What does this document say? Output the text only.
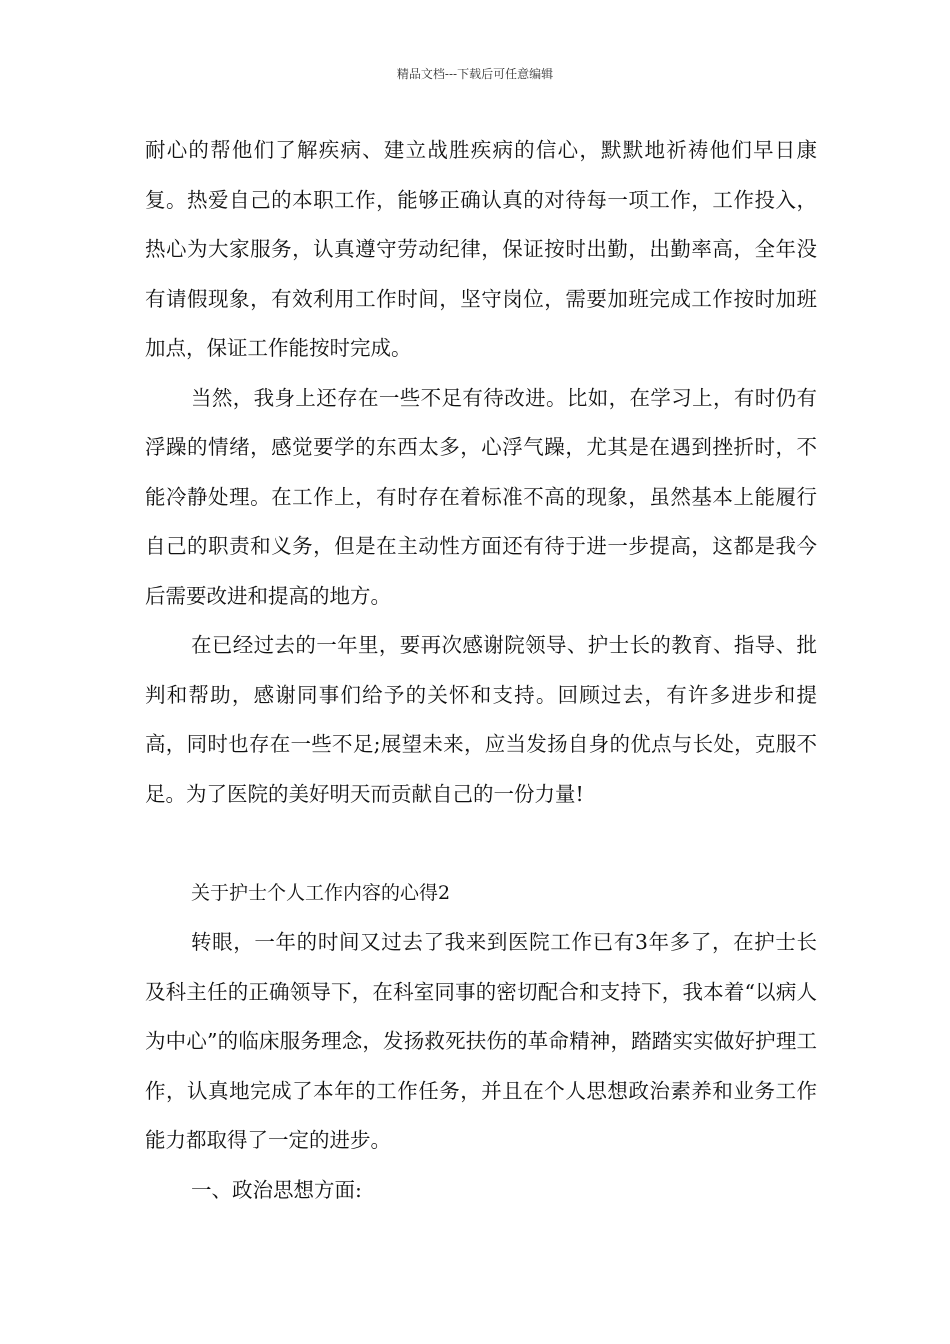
精品文档---下载后可任意编辑

耐心的帮他们了解疾病、建立战胜疾病的信心，默默地祈祷他们早日康复。热爱自己的本职工作，能够正确认真的对待每一项工作，工作投入，热心为大家服务，认真遵守劳动纪律，保证按时出勤，出勤率高，全年没有请假现象，有效利用工作时间，坚守岗位，需要加班完成工作按时加班加点，保证工作能按时完成。

当然，我身上还存在一些不足有待改进。比如，在学习上，有时仍有浮躁的情绪，感觉要学的东西太多，心浮气躁，尤其是在遇到挫折时，不能冷静处理。在工作上，有时存在着标准不高的现象，虽然基本上能履行自己的职责和义务，但是在主动性方面还有待于进一步提高，这都是我今后需要改进和提高的地方。

在已经过去的一年里，要再次感谢院领导、护士长的教育、指导、批判和帮助，感谢同事们给予的关怀和支持。回顾过去，有许多进步和提高，同时也存在一些不足;展望未来，应当发扬自身的优点与长处，克服不足。为了医院的美好明天而贡献自己的一份力量!

关于护士个人工作内容的心得2

转眼，一年的时间又过去了我来到医院工作已有3年多了，在护士长及科主任的正确领导下，在科室同事的密切配合和支持下，我本着“以病人为中心”的临床服务理念，发扬救死扶伤的革命精神，踏踏实实做好护理工作，认真地完成了本年的工作任务，并且在个人思想政治素养和业务工作能力都取得了一定的进步。

一、政治思想方面:
